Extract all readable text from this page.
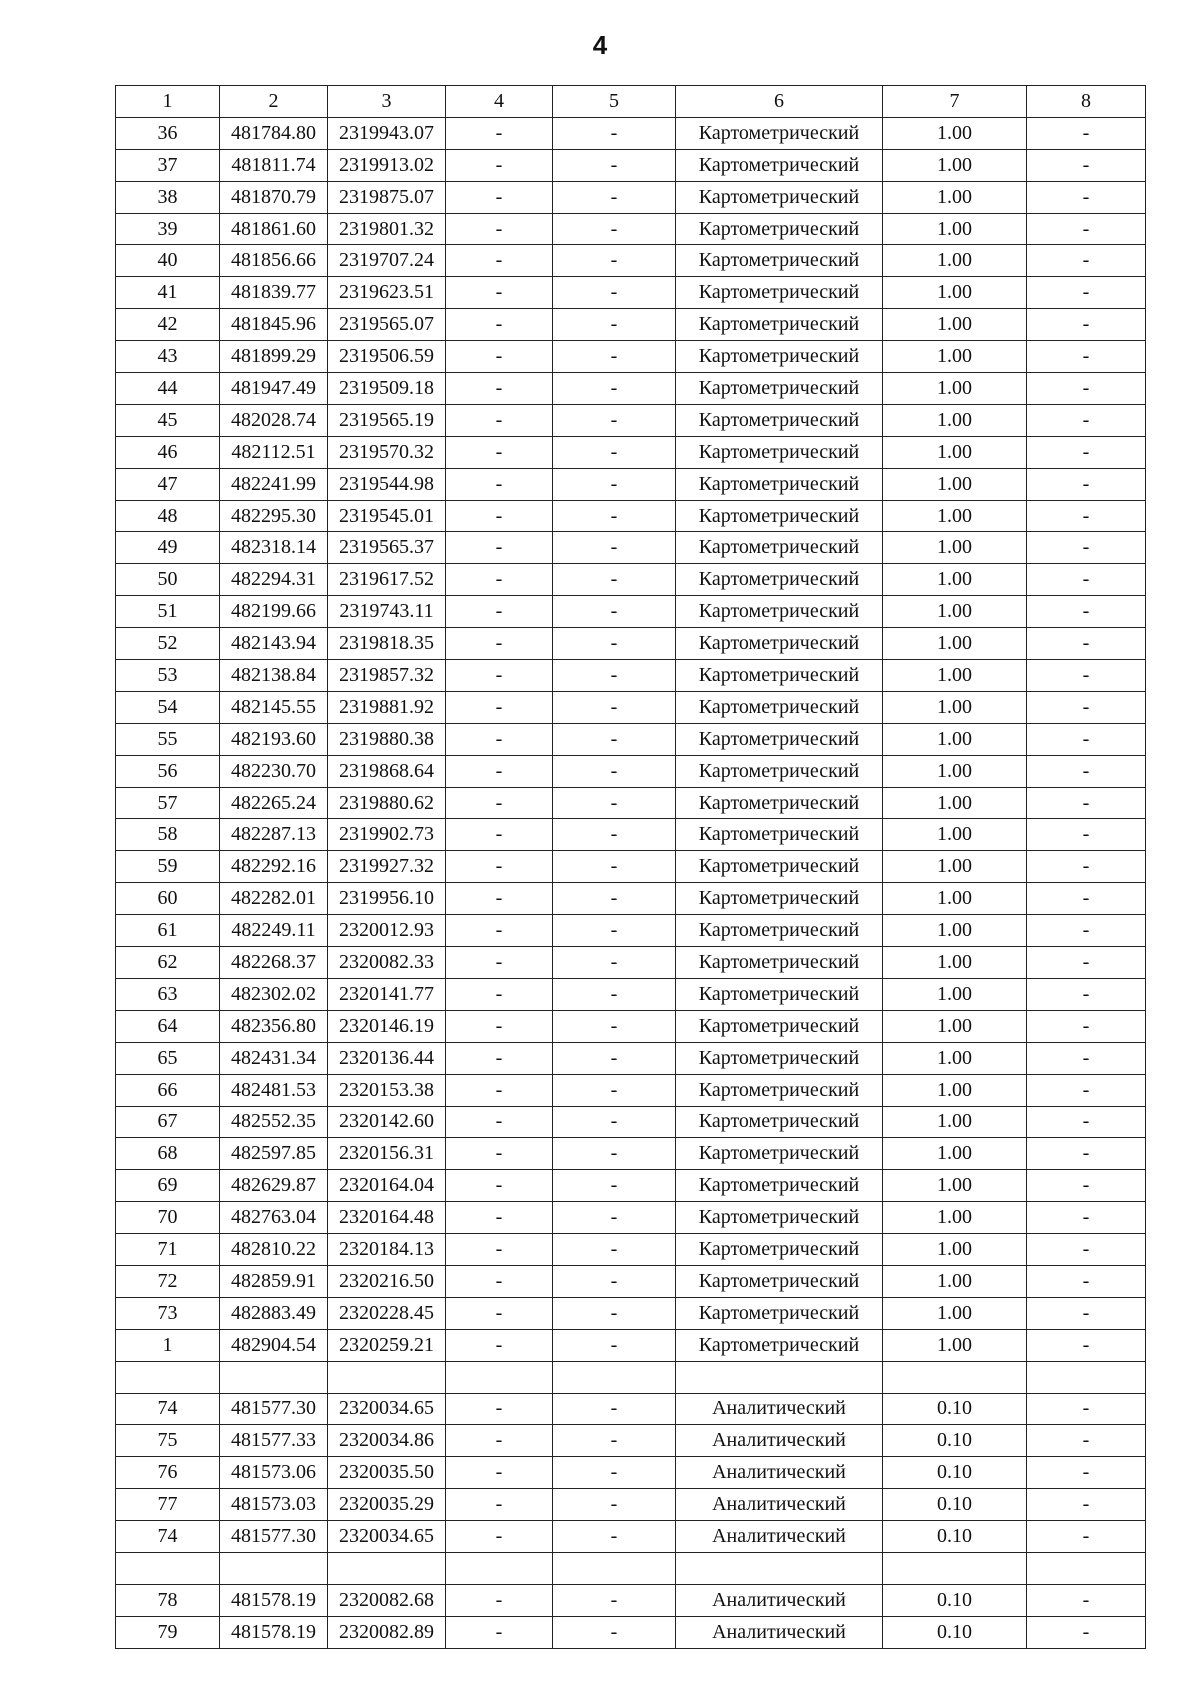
4
1	2	3	4	5	6	7	8
36	481784.80	2319943.07	-	-	Картометрический	1.00	-
37	481811.74	2319913.02	-	-	Картометрический	1.00	-
38	481870.79	2319875.07	-	-	Картометрический	1.00	-
39	481861.60	2319801.32	-	-	Картометрический	1.00	-
40	481856.66	2319707.24	-	-	Картометрический	1.00	-
41	481839.77	2319623.51	-	-	Картометрический	1.00	-
42	481845.96	2319565.07	-	-	Картометрический	1.00	-
43	481899.29	2319506.59	-	-	Картометрический	1.00	-
44	481947.49	2319509.18	-	-	Картометрический	1.00	-
45	482028.74	2319565.19	-	-	Картометрический	1.00	-
46	482112.51	2319570.32	-	-	Картометрический	1.00	-
47	482241.99	2319544.98	-	-	Картометрический	1.00	-
48	482295.30	2319545.01	-	-	Картометрический	1.00	-
49	482318.14	2319565.37	-	-	Картометрический	1.00	-
50	482294.31	2319617.52	-	-	Картометрический	1.00	-
51	482199.66	2319743.11	-	-	Картометрический	1.00	-
52	482143.94	2319818.35	-	-	Картометрический	1.00	-
53	482138.84	2319857.32	-	-	Картометрический	1.00	-
54	482145.55	2319881.92	-	-	Картометрический	1.00	-
55	482193.60	2319880.38	-	-	Картометрический	1.00	-
56	482230.70	2319868.64	-	-	Картометрический	1.00	-
57	482265.24	2319880.62	-	-	Картометрический	1.00	-
58	482287.13	2319902.73	-	-	Картометрический	1.00	-
59	482292.16	2319927.32	-	-	Картометрический	1.00	-
60	482282.01	2319956.10	-	-	Картометрический	1.00	-
61	482249.11	2320012.93	-	-	Картометрический	1.00	-
62	482268.37	2320082.33	-	-	Картометрический	1.00	-
63	482302.02	2320141.77	-	-	Картометрический	1.00	-
64	482356.80	2320146.19	-	-	Картометрический	1.00	-
65	482431.34	2320136.44	-	-	Картометрический	1.00	-
66	482481.53	2320153.38	-	-	Картометрический	1.00	-
67	482552.35	2320142.60	-	-	Картометрический	1.00	-
68	482597.85	2320156.31	-	-	Картометрический	1.00	-
69	482629.87	2320164.04	-	-	Картометрический	1.00	-
70	482763.04	2320164.48	-	-	Картометрический	1.00	-
71	482810.22	2320184.13	-	-	Картометрический	1.00	-
72	482859.91	2320216.50	-	-	Картометрический	1.00	-
73	482883.49	2320228.45	-	-	Картометрический	1.00	-
1	482904.54	2320259.21	-	-	Картометрический	1.00	-

74	481577.30	2320034.65	-	-	Аналитический	0.10	-
75	481577.33	2320034.86	-	-	Аналитический	0.10	-
76	481573.06	2320035.50	-	-	Аналитический	0.10	-
77	481573.03	2320035.29	-	-	Аналитический	0.10	-
74	481577.30	2320034.65	-	-	Аналитический	0.10	-

78	481578.19	2320082.68	-	-	Аналитический	0.10	-
79	481578.19	2320082.89	-	-	Аналитический	0.10	-
